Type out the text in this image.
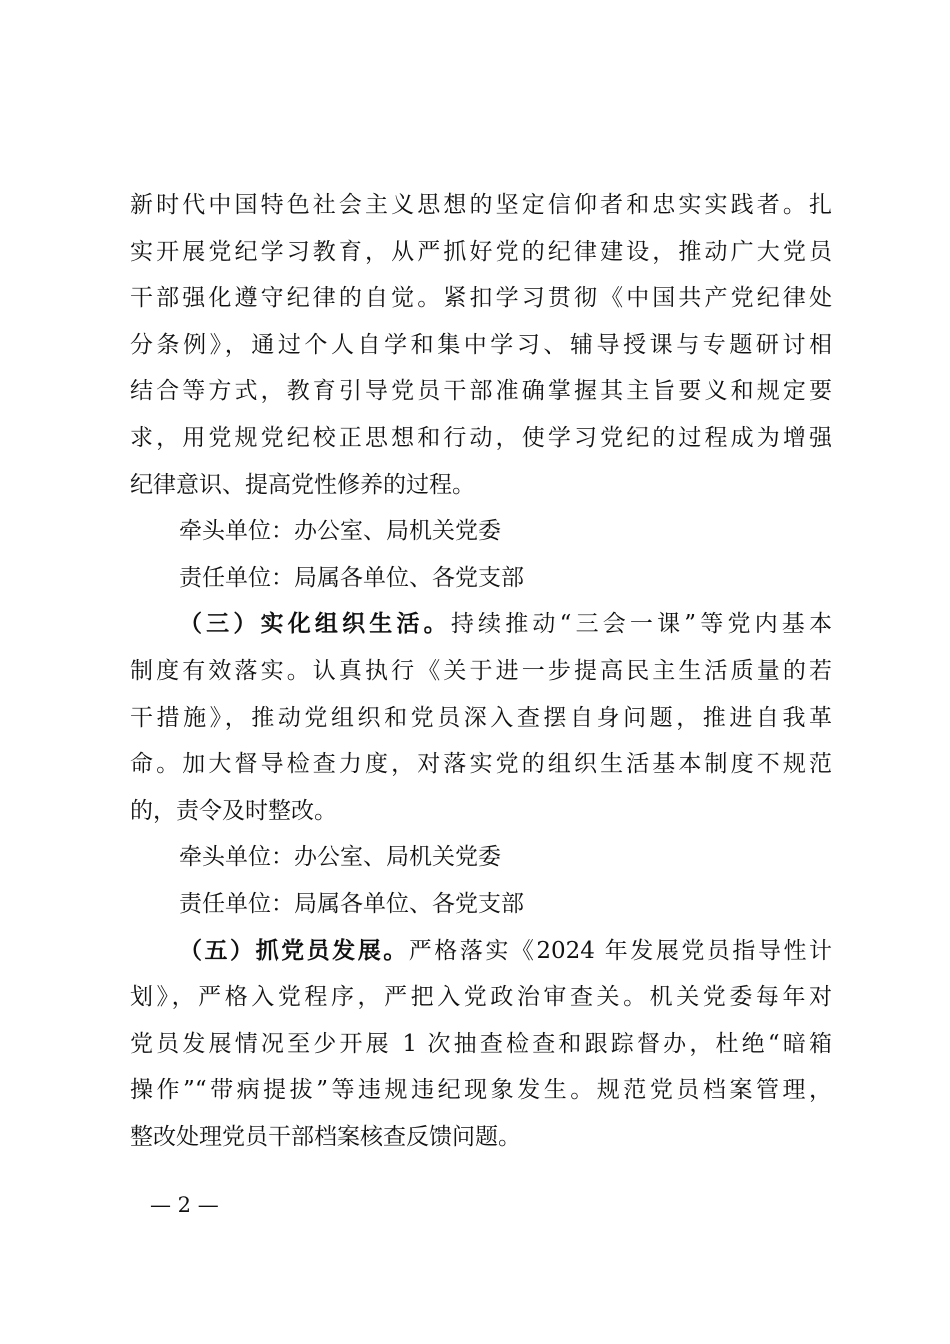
新时代中国特色社会主义思想的坚定信仰者和忠实实践者。扎
实开展党纪学习教育，从严抓好党的纪律建设，推动广大党员
干部强化遵守纪律的自觉。紧扣学习贯彻《中国共产党纪律处
分条例》，通过个人自学和集中学习、辅导授课与专题研讨相
结合等方式，教育引导党员干部准确掌握其主旨要义和规定要
求，用党规党纪校正思想和行动，使学习党纪的过程成为增强
纪律意识、提高党性修养的过程。
牵头单位：办公室、局机关党委
责任单位：局属各单位、各党支部
（三）实化组织生活。持续推动“三会一课”等党内基本
制度有效落实。认真执行《关于进一步提高民主生活质量的若
干措施》，推动党组织和党员深入查摆自身问题，推进自我革
命。加大督导检查力度，对落实党的组织生活基本制度不规范
的，责令及时整改。
牵头单位：办公室、局机关党委
责任单位：局属各单位、各党支部
（五）抓党员发展。严格落实《2024 年发展党员指导性计
划》，严格入党程序，严把入党政治审查关。机关党委每年对
党员发展情况至少开展 1 次抽查检查和跟踪督办，杜绝“暗箱
操作”“带病提拔”等违规违纪现象发生。规范党员档案管理，
整改处理党员干部档案核查反馈问题。
— 2 —
